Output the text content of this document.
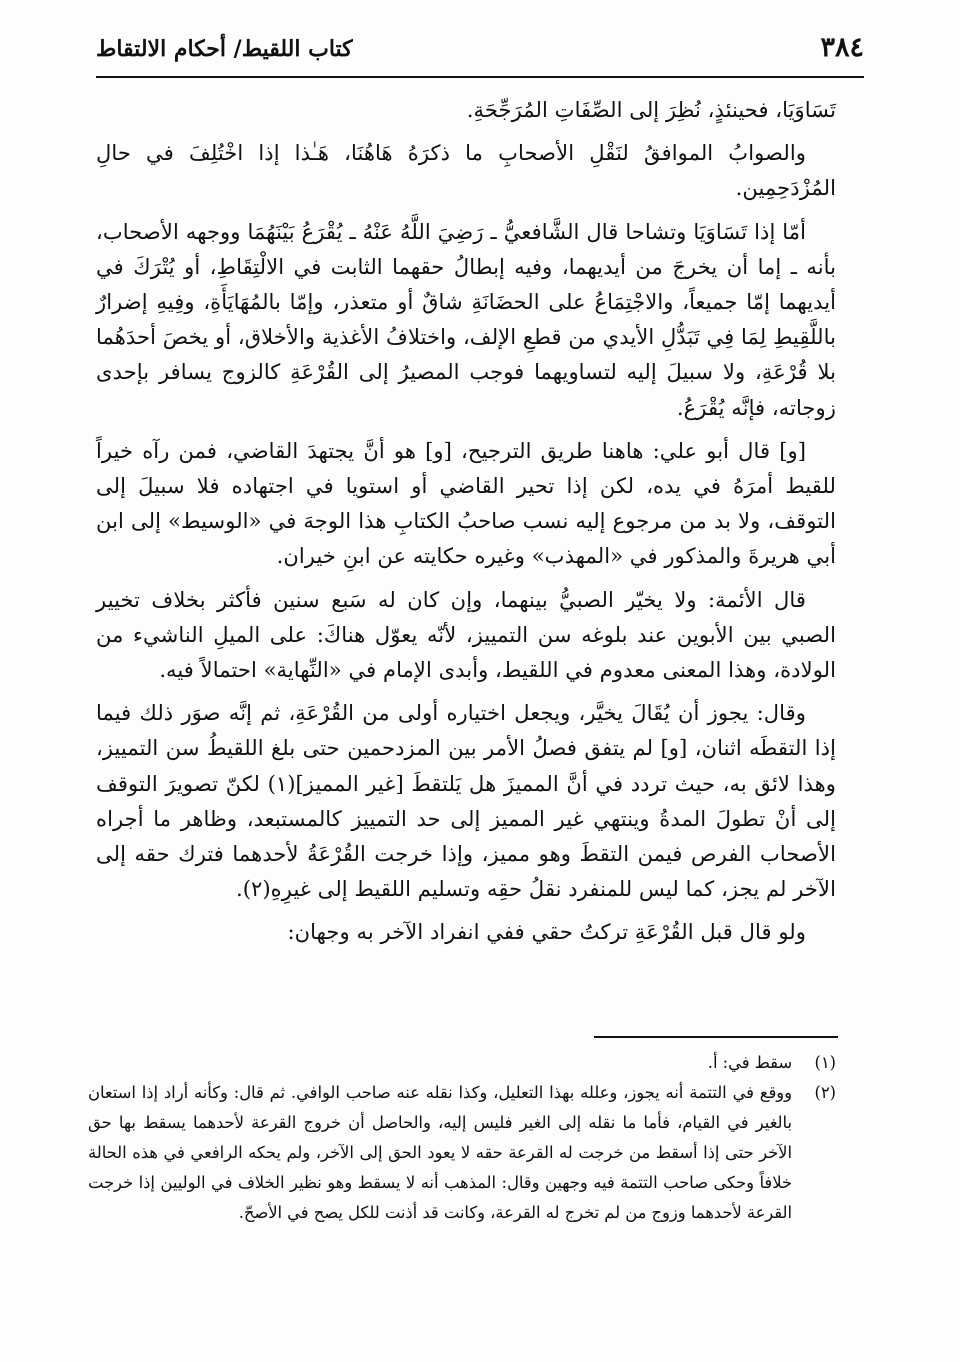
٣٨٤
كتاب اللقيط/ أحكام الالتقاط

تَسَاوَيَا، فحينئذٍ، نُظِرَ إلى الصِّفَاتِ المُرَجِّحَةِ.

والصوابُ الموافقُ لنَقْلِ الأصحابِ ما ذكرَهُ هَاهُنَا، هَـٰذا إذا اخْتُلِفَ في حالِ المُزْدَحِمِين.

أمّا إذا تَسَاوَيَا وتشاحا قال الشَّافعيُّ ـ رَضِيَ اللَّهُ عَنْهُ ـ يُقْرَعُ بَيْنَهُمَا ووجهه الأصحاب، بأنه ـ إما أن يخرجَ من أيديهما، وفيه إبطالُ حقهما الثابت في الالْتِقَاطِ، أو يُتْرَكَ في أيديهما إمّا جميعاً، والاجْتِمَاعُ على الحضَانَةِ شاقٌ أو متعذر، وإمّا بالمُهَايَأَةِ، وفِيهِ إضرارٌ باللَّقِيطِ لِمَا فِي تَبَدُّلِ الأيدي من قطعِ الإلف، واختلافُ الأغذية والأخلاق، أو يخصَ أحدَهُما بلا قُرْعَةِ، ولا سبيلَ إليه لتساويهما فوجب المصيرُ إلى القُرْعَةِ كالزوج يسافر بإحدى زوجاته، فإنَّه يُقْرَعُ.

[و] قال أبو علي: هاهنا طريق الترجيح، [و] هو أنَّ يجتهدَ القاضي، فمن رآه خيراً للقيط أمرَهُ في يده، لكن إذا تحير القاضي أو استويا في اجتهاده فلا سبيلَ إلى التوقف، ولا بد من مرجوع إليه نسب صاحبُ الكتابِ هذا الوجهَ في «الوسيط» إلى ابن أبي هريرةَ والمذكور في «المهذب» وغيره حكايته عن ابنِ خيران.

قال الأئمة: ولا يخيّر الصبيُّ بينهما، وإن كان له سَبع سنين فأكثر بخلاف تخيير الصبي بين الأبوين عند بلوغه سن التمييز، لأنّه يعوّل هناكَ: على الميلِ الناشيء من الولادة، وهذا المعنى معدوم في اللقيط، وأبدى الإمام في «النِّهاية» احتمالاً فيه.

وقال: يجوز أن يُقَالَ يخيَّر، ويجعل اختياره أولى من القُرْعَةِ، ثم إنَّه صوَر ذلك فيما إذا التقطَه اثنان، [و] لم يتفق فصلُ الأمر بين المزدحمين حتى بلغ اللقيطُ سن التمييز، وهذا لائق به، حيث تردد في أنَّ المميزَ هل يَلتقطَ [غير المميز](١) لكنّ تصويرَ التوقف إلى أنْ تطولَ المدةُ وينتهي غير المميز إلى حد التمييز كالمستبعد، وظاهر ما أجراه الأصحاب الفرص فيمن التقطَ وهو مميز، وإذا خرجت القُرْعَةُ لأحدهما فترك حقه إلى الآخر لم يجز، كما ليس للمنفرد نقلُ حقِه وتسليم اللقيط إلى غيرِهِ(٢).

ولو قال قبل القُرْعَةِ تركتُ حقي ففي انفراد الآخر به وجهان:

(١)
سقط في: أ.
(٢)
ووقع في التتمة أنه يجوز، وعلله بهذا التعليل، وكذا نقله عنه صاحب الوافي. ثم قال: وكأنه أراد إذا استعان بالغير في القيام، فأما ما نقله إلى الغير فليس إليه، والحاصل أن خروج القرعة لأحدهما يسقط بها حق الآخر حتى إذا أسقط من خرجت له القرعة حقه لا يعود الحق إلى الآخر، ولم يحكه الرافعي في هذه الحالة خلافاً وحكى صاحب التتمة فيه وجهين وقال: المذهب أنه لا يسقط وهو نظير الخلاف في الوليين إذا خرجت القرعة لأحدهما وزوج من لم تخرج له القرعة، وكانت قد أذنت للكل يصح في الأصحّ.
